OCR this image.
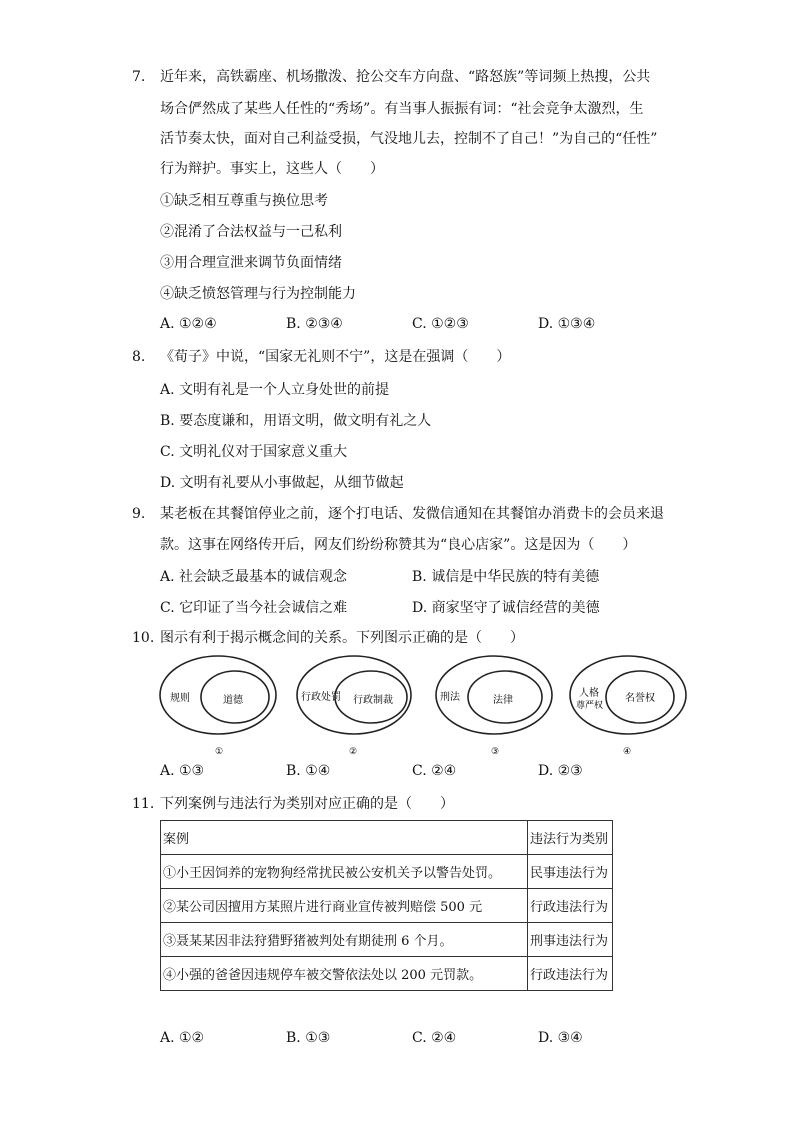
7. 近年来，高铁霸座、机场撒泼、抢公交车方向盘、“路怒族”等词频上热搜，公共
场合俨然成了某些人任性的“秀场”。有当事人振振有词：“社会竞争太激烈，生
活节奏太快，面对自己利益受损，气没地儿去，控制不了自己！”为自己的“任性”
行为辩护。事实上，这些人（　　）
①缺乏相互尊重与换位思考
②混淆了合法权益与一己私利
③用合理宣泄来调节负面情绪
④缺乏愤怒管理与行为控制能力
A. ①②④	B. ②③④	C. ①②③	D. ①③④
8. 《荀子》中说，“国家无礼则不宁”，这是在强调（　　）
A. 文明有礼是一个人立身处世的前提
B. 要态度谦和，用语文明，做文明有礼之人
C. 文明礼仪对于国家意义重大
D. 文明有礼要从小事做起，从细节做起
9. 某老板在其餐馆停业之前，逐个打电话、发微信通知在其餐馆办消费卡的会员来退
款。这事在网络传开后，网友们纷纷称赞其为“良心店家”。这是因为（　　）
A. 社会缺乏最基本的诚信观念	B. 诚信是中华民族的特有美德
C. 它印证了当今社会诚信之难	D. 商家坚守了诚信经营的美德
10. 图示有利于揭示概念间的关系。下列图示正确的是（　　）
规则	道德
①
行政处罚 行政制裁
②
刑法	法律
③
人格
尊严权
名誉权
④
A. ①③	B. ①④	C. ②④	D. ②③
11. 下列案例与违法行为类别对应正确的是（　　）
案例	违法行为类别
①小王因饲养的宠物狗经常扰民被公安机关予以警告处罚。	民事违法行为
②某公司因擅用方某照片进行商业宣传被判赔偿 500 元	行政违法行为
③聂某某因非法狩猎野猪被判处有期徒刑 6 个月。	刑事违法行为
④小强的爸爸因违规停车被交警依法处以 200 元罚款。	行政违法行为
A. ①②	B. ①③	C. ②④	D. ③④
